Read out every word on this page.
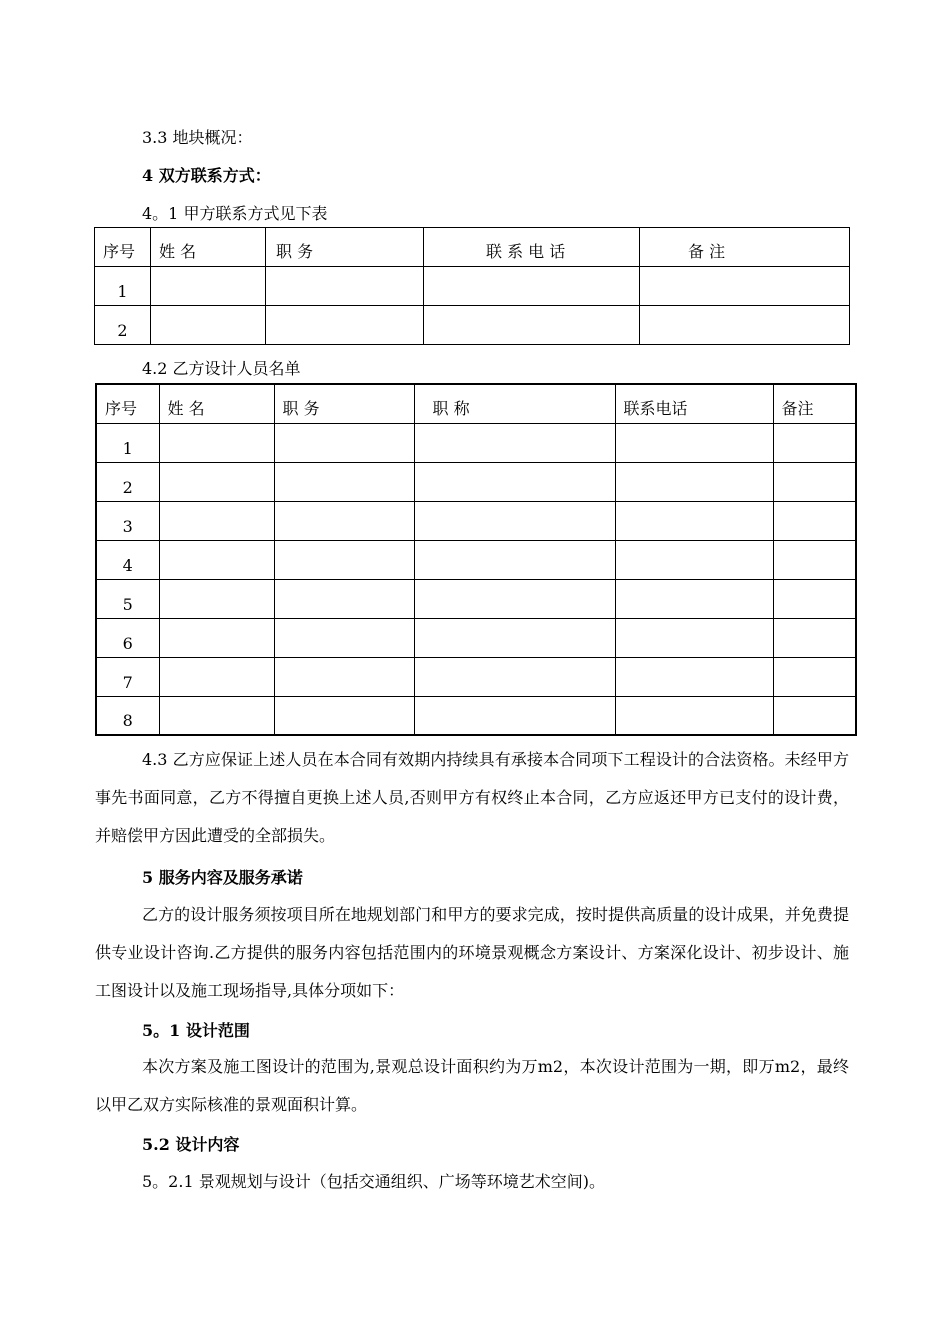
3.3 地块概况：
4 双方联系方式：
4。1 甲方联系方式见下表
序号	姓 名	职 务	联 系 电 话	备 注
1				
2				
4.2 乙方设计人员名单
序号	姓 名	职 务	职 称	联系电话	备注
1					
2					
3					
4					
5					
6					
7					
8					
4.3 乙方应保证上述人员在本合同有效期内持续具有承接本合同项下工程设计的合法资格。未经甲方事先书面同意，乙方不得擅自更换上述人员,否则甲方有权终止本合同，乙方应返还甲方已支付的设计费，并赔偿甲方因此遭受的全部损失。
5 服务内容及服务承诺
乙方的设计服务须按项目所在地规划部门和甲方的要求完成，按时提供高质量的设计成果，并免费提供专业设计咨询.乙方提供的服务内容包括范围内的环境景观概念方案设计、方案深化设计、初步设计、施工图设计以及施工现场指导,具体分项如下：
5。1 设计范围
本次方案及施工图设计的范围为,景观总设计面积约为万m2，本次设计范围为一期，即万m2，最终以甲乙双方实际核准的景观面积计算。
5.2 设计内容
5。2.1 景观规划与设计（包括交通组织、广场等环境艺术空间)。
